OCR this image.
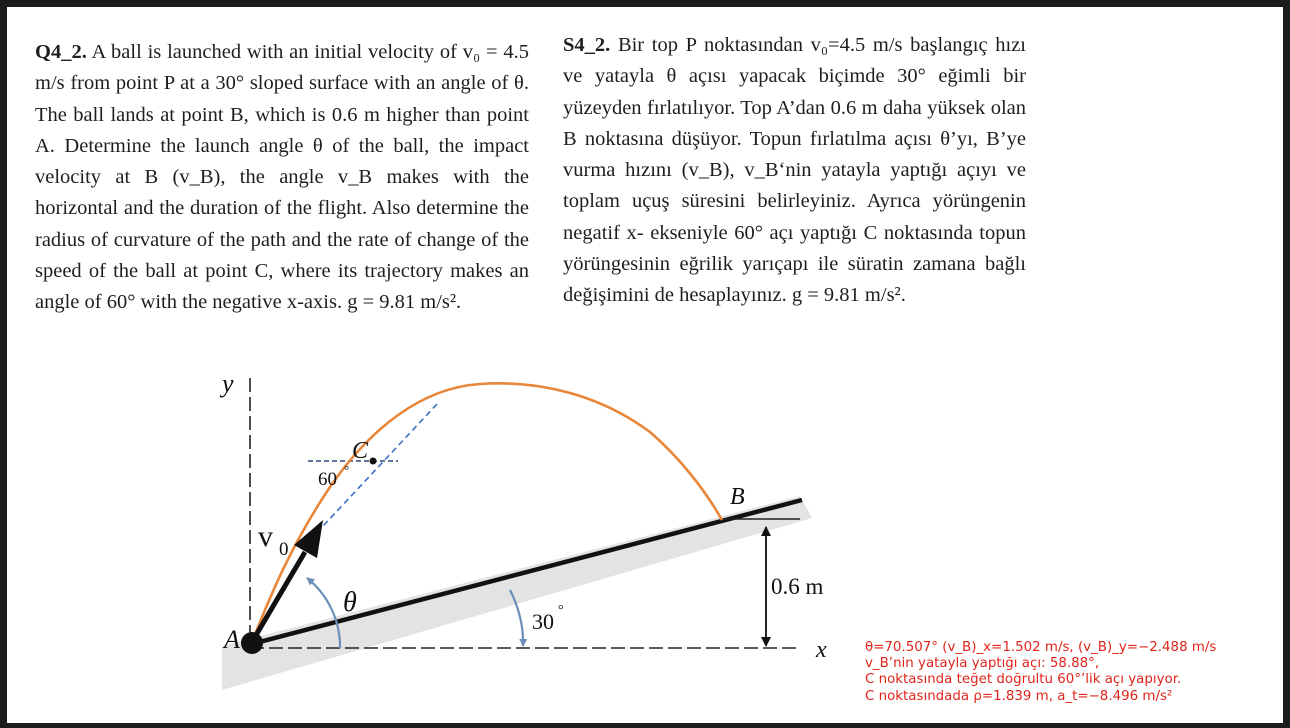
Q4_2. A ball is launched with an initial velocity of v₀ = 4.5 m/s from point P at a 30° sloped surface with an angle of θ. The ball lands at point B, which is 0.6 m higher than point A. Determine the launch angle θ of the ball, the impact velocity at B (v_B), the angle v_B makes with the horizontal and the duration of the flight. Also determine the radius of curvature of the path and the rate of change of the speed of the ball at point C, where its trajectory makes an angle of 60° with the negative x-axis. g = 9.81 m/s².
S4_2. Bir top P noktasından v₀=4.5 m/s başlangıç hızı ve yatayla θ açısı yapacak biçimde 30° eğimli bir yüzeyden fırlatılıyor. Top A’dan 0.6 m daha yüksek olan B noktasına düşüyor. Topun fırlatılma açısı θ’yı, B’ye vurma hızını (v_B), v_B‘nin yatayla yaptığı açıyı ve toplam uçuş süresini belirleyiniz. Ayrıca yörüngenin negatif x- ekseniyle 60° açı yaptığı C noktasında topun yörüngesinin eğrilik yarıçapı ile süratin zamana bağlı değişimini de hesaplayınız. g = 9.81 m/s².
y
x
v 0
θ
A
B
C
60 °
30 °
0.6 m
θ=70.507° (v_B)_x=1.502 m/s, (v_B)_y=−2.488 m/s
v_B’nin yatayla yaptığı açı: 58.88°,
C noktasında teğet doğrultu 60°’lik açı yapıyor.
C noktasındada ρ=1.839 m, a_t=−8.496 m/s²
